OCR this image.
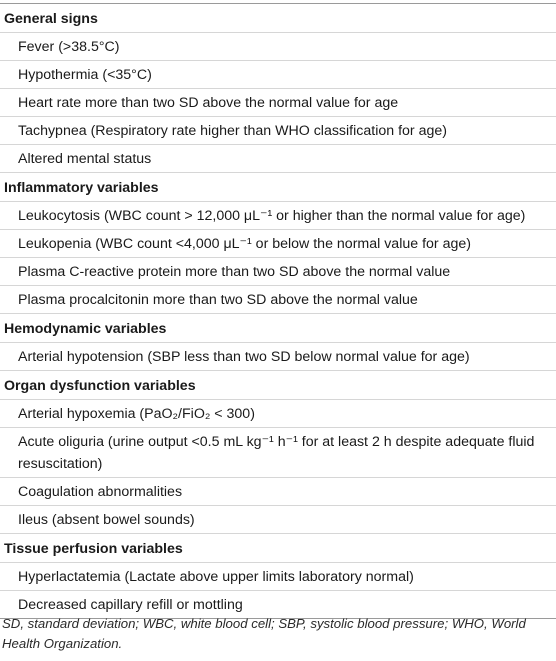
General signs
Fever (>38.5°C)
Hypothermia (<35°C)
Heart rate more than two SD above the normal value for age
Tachypnea (Respiratory rate higher than WHO classification for age)
Altered mental status
Inflammatory variables
Leukocytosis (WBC count > 12,000 μL⁻¹ or higher than the normal value for age)
Leukopenia (WBC count <4,000 μL⁻¹ or below the normal value for age)
Plasma C-reactive protein more than two SD above the normal value
Plasma procalcitonin more than two SD above the normal value
Hemodynamic variables
Arterial hypotension (SBP less than two SD below normal value for age)
Organ dysfunction variables
Arterial hypoxemia (PaO₂/FiO₂ < 300)
Acute oliguria (urine output <0.5 mL kg⁻¹ h⁻¹ for at least 2 h despite adequate fluid resuscitation)
Coagulation abnormalities
Ileus (absent bowel sounds)
Tissue perfusion variables
Hyperlactatemia (Lactate above upper limits laboratory normal)
Decreased capillary refill or mottling
SD, standard deviation; WBC, white blood cell; SBP, systolic blood pressure; WHO, World Health Organization.
